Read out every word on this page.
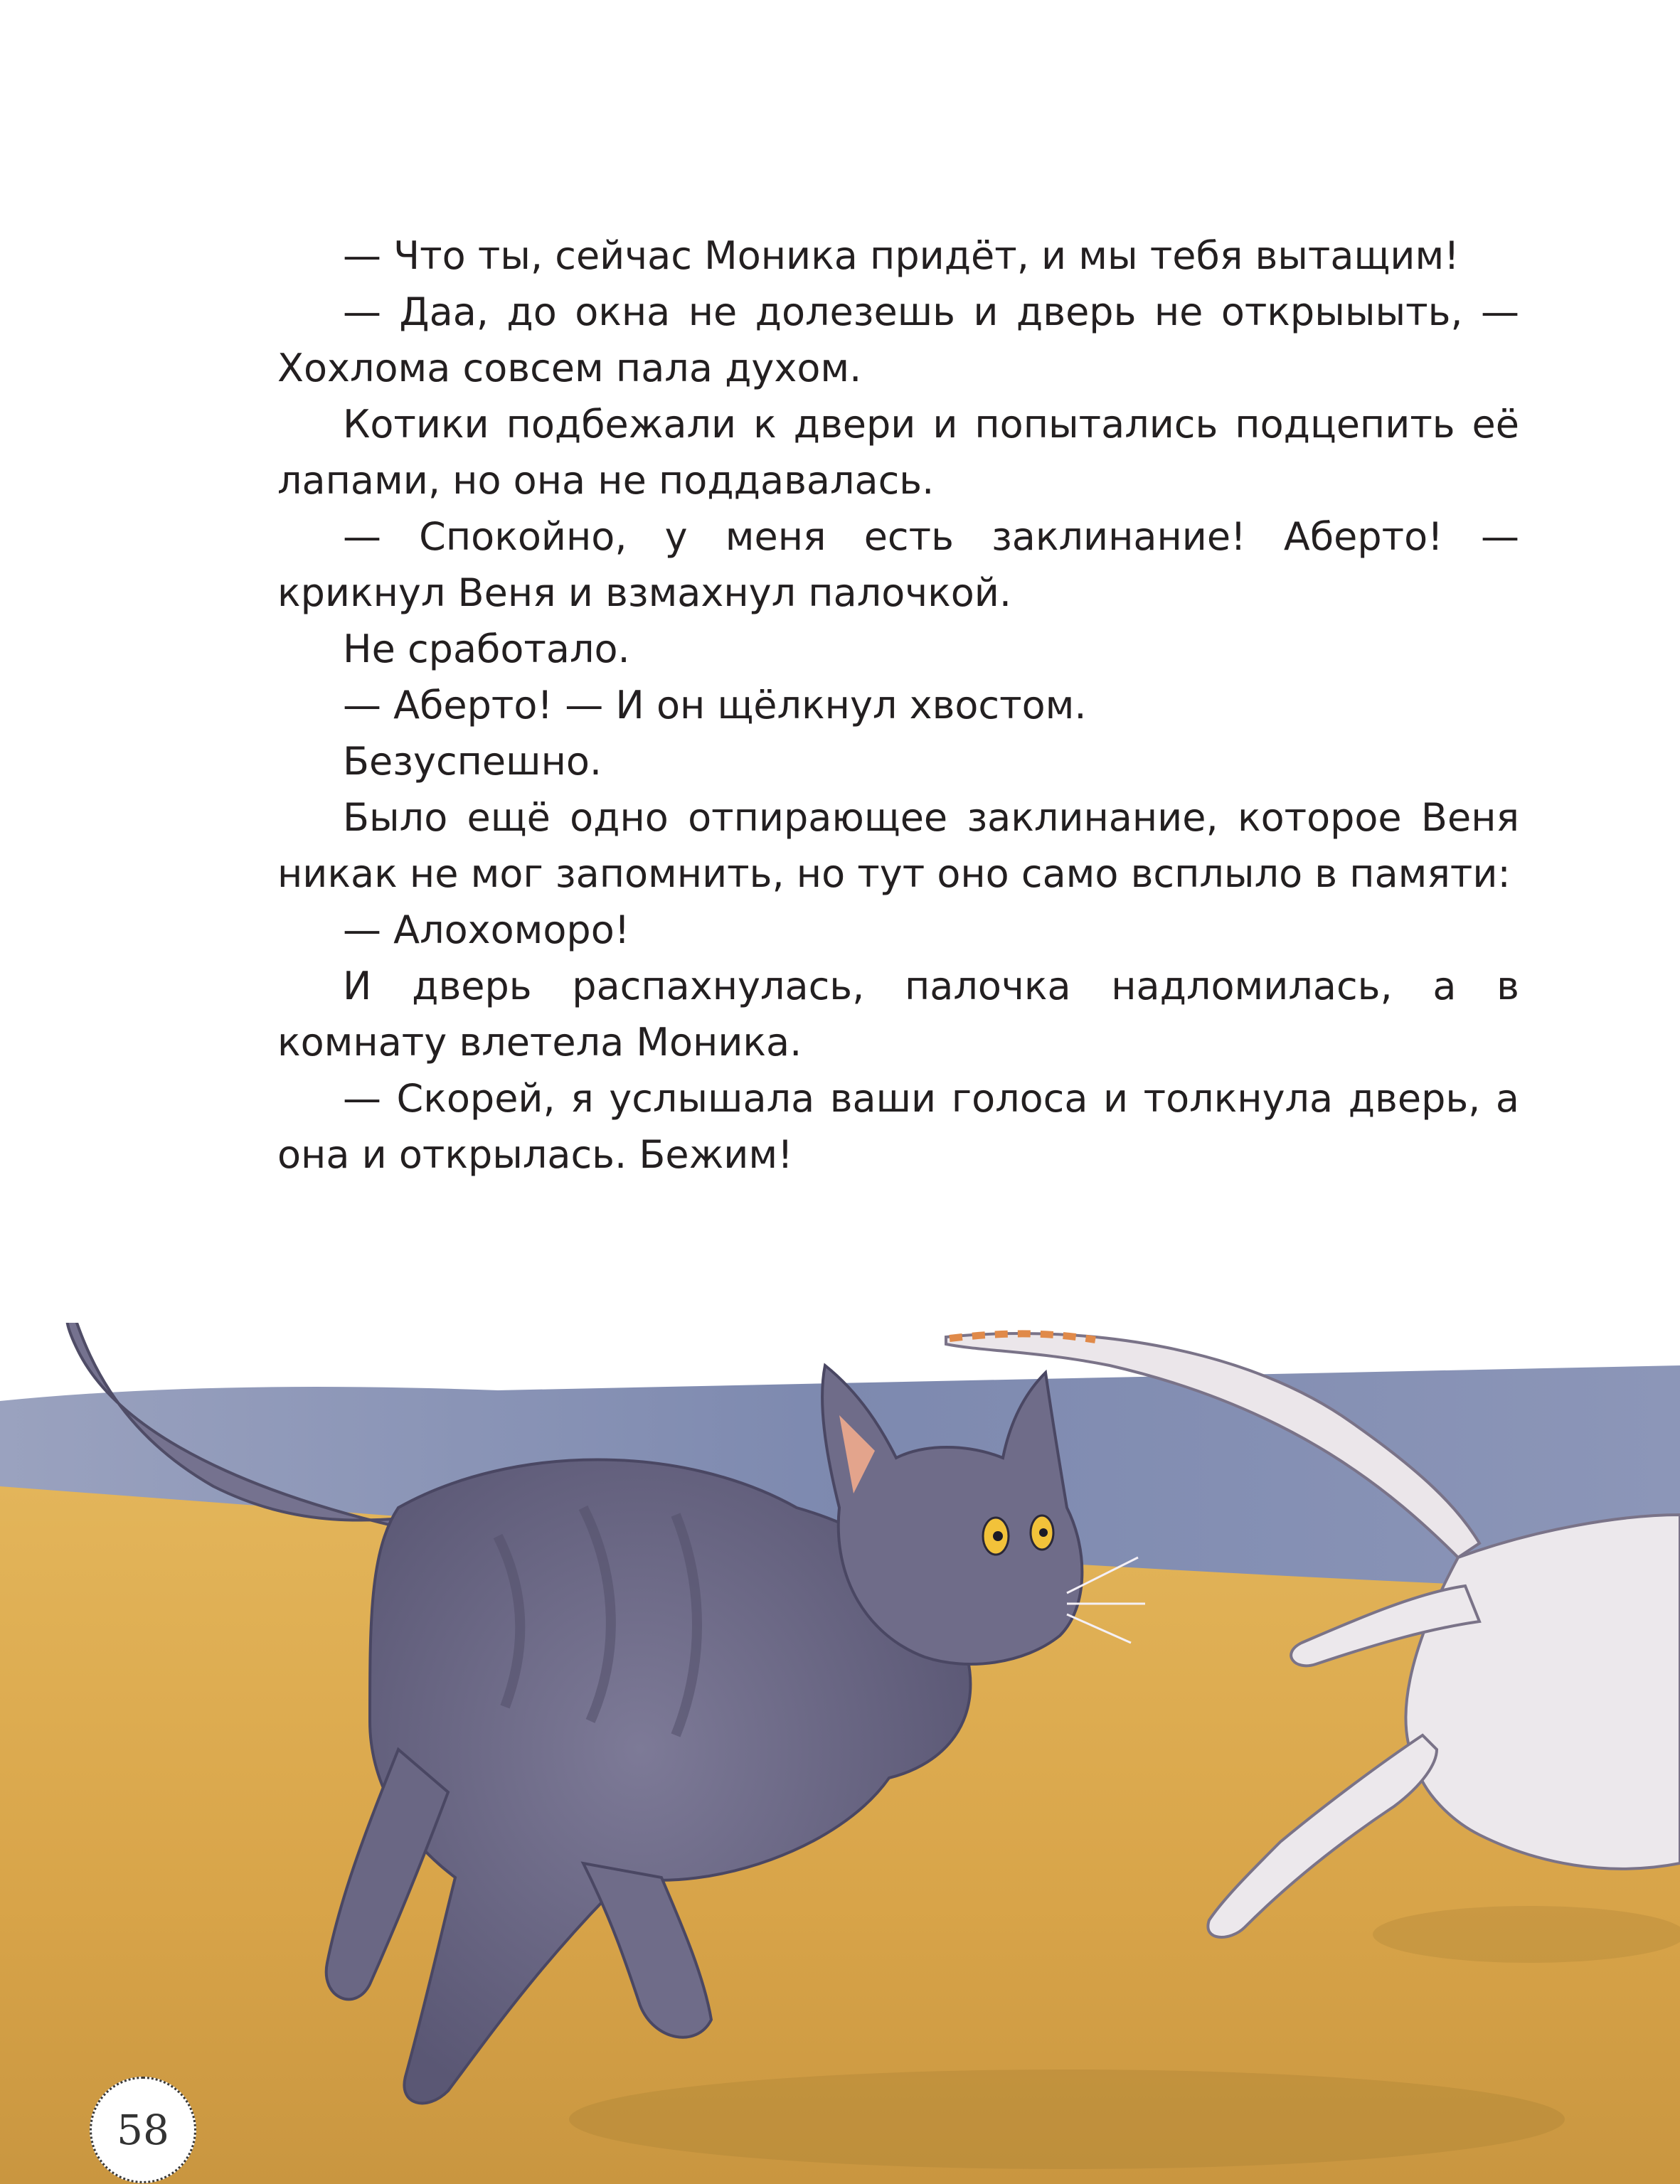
— Что ты, сейчас Моника придёт, и мы тебя вытащим!

— Даа, до окна не долезешь и дверь не открыыыть, — Хохлома совсем пала духом.

Котики подбежали к двери и попытались подцепить её лапами, но она не поддавалась.

— Спокойно, у меня есть заклинание! Аберто! — крикнул Веня и взмахнул палочкой.

Не сработало.

— Аберто! — И он щёлкнул хвостом.

Безуспешно.

Было ещё одно отпирающее заклинание, которое Веня никак не мог запомнить, но тут оно само всплыло в памяти:

— Алохоморо!

И дверь распахнулась, палочка надломилась, а в комнату влетела Моника.

— Скорей, я услышала ваши голоса и толкнула дверь, а она и открылась. Бежим!

58
